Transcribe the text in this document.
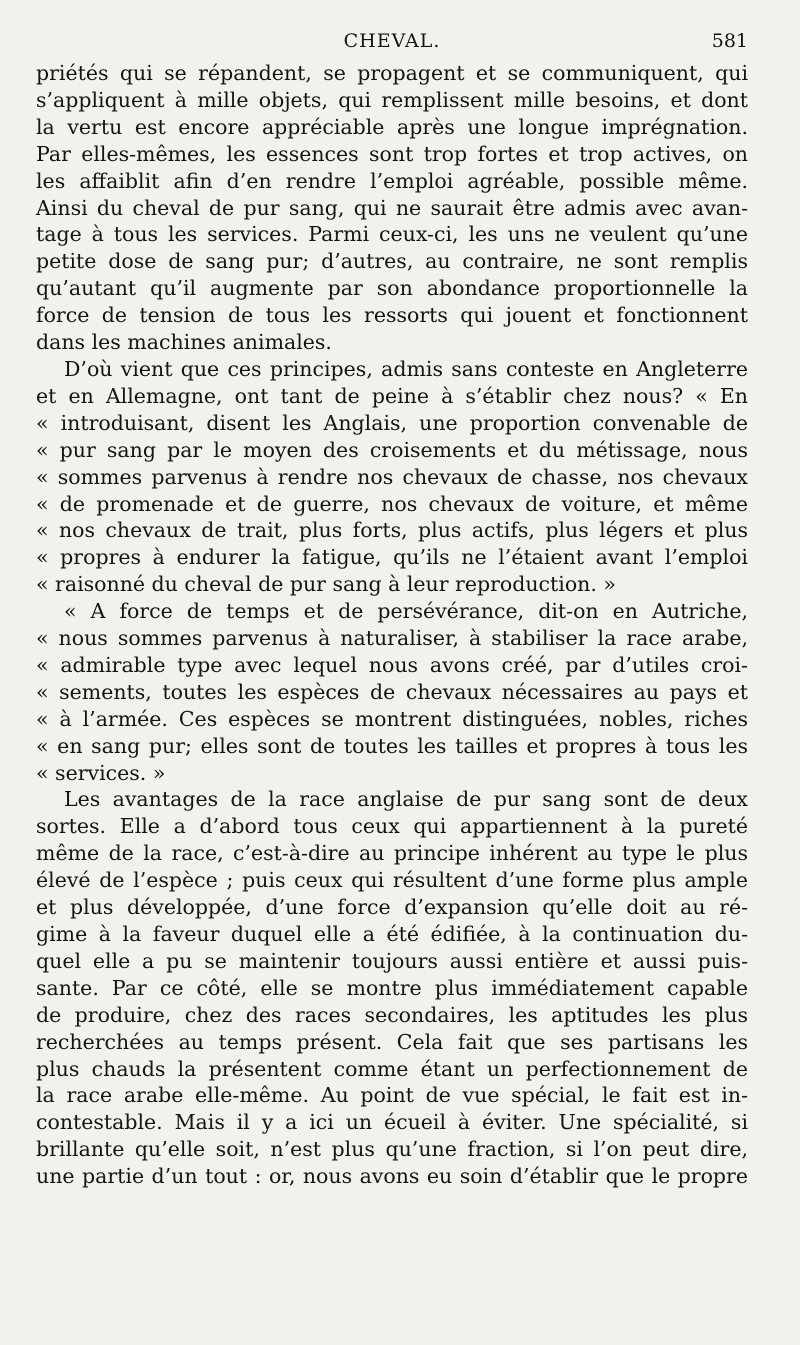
CHEVAL.	581

priétés qui se répandent, se propagent et se communiquent, qui

s’appliquent à mille objets, qui remplissent mille besoins, et dont

la vertu est encore appréciable après une longue imprégnation.

Par elles-mêmes, les essences sont trop fortes et trop actives, on

les affaiblit afin d’en rendre l’emploi agréable, possible même.

Ainsi du cheval de pur sang, qui ne saurait être admis avec avan-

tage à tous les services. Parmi ceux-ci, les uns ne veulent qu’une

petite dose de sang pur; d’autres, au contraire, ne sont remplis

qu’autant qu’il augmente par son abondance proportionnelle la

force de tension de tous les ressorts qui jouent et fonctionnent

dans les machines animales.

D’où vient que ces principes, admis sans conteste en Angleterre

et en Allemagne, ont tant de peine à s’établir chez nous? « En

« introduisant, disent les Anglais, une proportion convenable de

« pur sang par le moyen des croisements et du métissage, nous

« sommes parvenus à rendre nos chevaux de chasse, nos chevaux

« de promenade et de guerre, nos chevaux de voiture, et même

« nos chevaux de trait, plus forts, plus actifs, plus légers et plus

« propres à endurer la fatigue, qu’ils ne l’étaient avant l’emploi

« raisonné du cheval de pur sang à leur reproduction. »

« A force de temps et de persévérance, dit-on en Autriche,

« nous sommes parvenus à naturaliser, à stabiliser la race arabe,

« admirable type avec lequel nous avons créé, par d’utiles croi-

« sements, toutes les espèces de chevaux nécessaires au pays et

« à l’armée. Ces espèces se montrent distinguées, nobles, riches

« en sang pur; elles sont de toutes les tailles et propres à tous les

« services. »

Les avantages de la race anglaise de pur sang sont de deux

sortes. Elle a d’abord tous ceux qui appartiennent à la pureté

même de la race, c’est-à-dire au principe inhérent au type le plus

élevé de l’espèce ; puis ceux qui résultent d’une forme plus ample

et plus développée, d’une force d’expansion qu’elle doit au ré-

gime à la faveur duquel elle a été édifiée, à la continuation du-

quel elle a pu se maintenir toujours aussi entière et aussi puis-

sante. Par ce côté, elle se montre plus immédiatement capable

de produire, chez des races secondaires, les aptitudes les plus

recherchées au temps présent. Cela fait que ses partisans les

plus chauds la présentent comme étant un perfectionnement de

la race arabe elle-même. Au point de vue spécial, le fait est in-

contestable. Mais il y a ici un écueil à éviter. Une spécialité, si

brillante qu’elle soit, n’est plus qu’une fraction, si l’on peut dire,

une partie d’un tout : or, nous avons eu soin d’établir que le propre
